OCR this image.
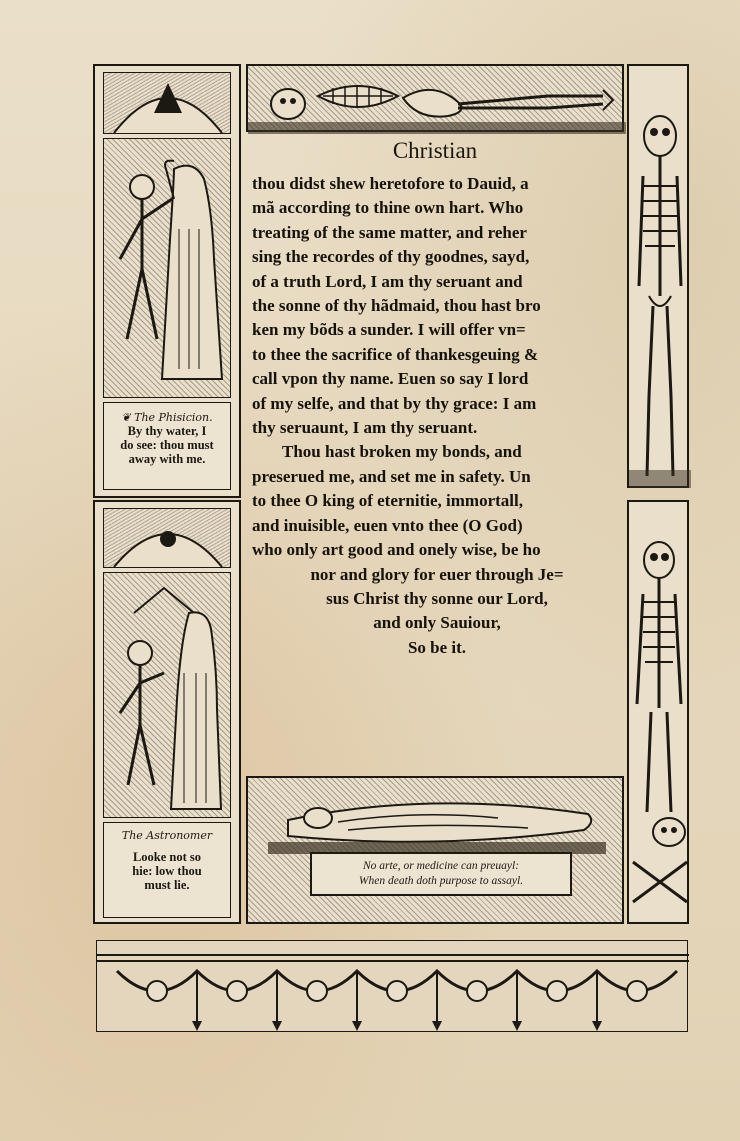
Christian
thou didst shew heretofore to Dauid, a
mã according to thine own hart. Who
treating of the same matter, and reher
sing the recordes of thy goodnes, sayd,
of a truth Lord, I am thy seruant and
the sonne of thy hãdmaid, thou hast bro
ken my bõds a sunder. I will offer vn=
to thee the sacrifice of thankesgeuing &
call vpon thy name. Euen so say I lord
of my selfe, and that by thy grace: I am
thy seruaunt, I am thy seruant.
Thou hast broken my bonds, and
preserued me, and set me in safety. Un
to thee O king of eternitie, immortall,
and inuisible, euen vnto thee (O God)
who only art good and onely wise, be ho
nor and glory for euer through Je=
sus Christ thy sonne our Lord,
and only Sauiour,
So be it.
❦ The Phisicion.
By thy water, I
do see: thou must
away with me.
The Astronomer
Looke not so
hie: low thou
must lie.
No arte, or medicine can preuayl:
When death doth purpose to assayl.
